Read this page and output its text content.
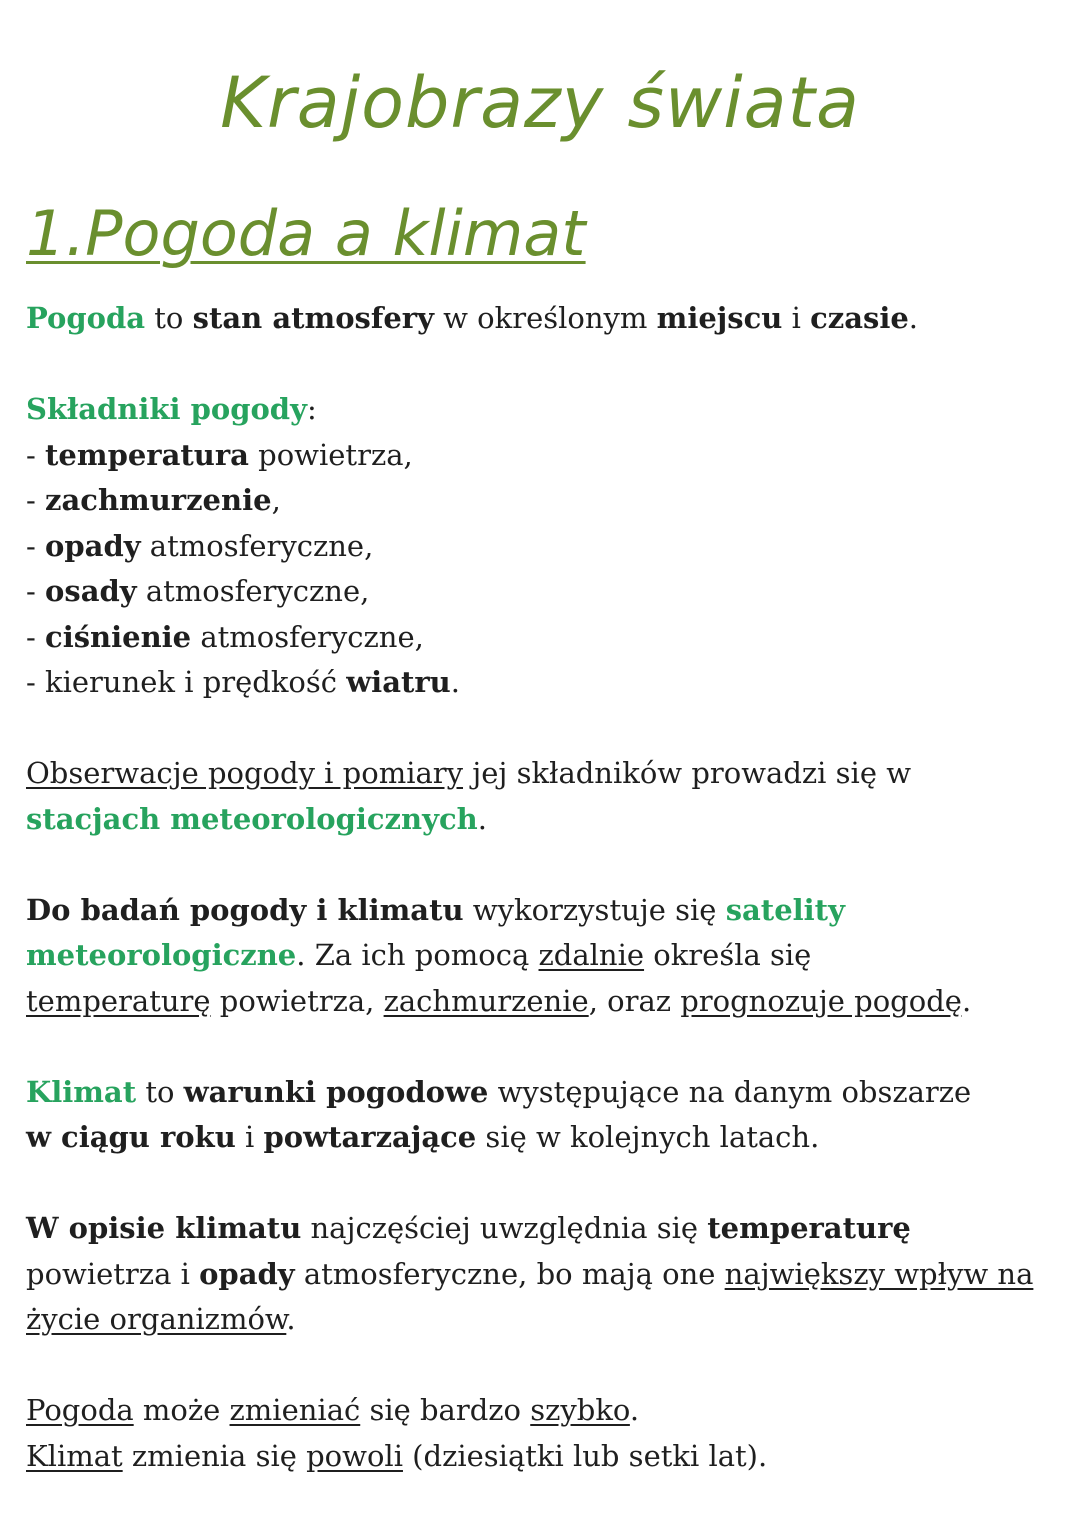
Krajobrazy świata
1.Pogoda a klimat

Pogoda to stan atmosfery w określonym miejscu i czasie.

Składniki pogody:

- temperatura powietrza,

- zachmurzenie,

- opady atmosferyczne,

- osady atmosferyczne,

- ciśnienie atmosferyczne,

- kierunek i prędkość wiatru.

Obserwacje pogody i pomiary jej składników prowadzi się w
stacjach meteorologicznych.

Do badań pogody i klimatu wykorzystuje się satelity meteorologiczne. Za ich pomocą zdalnie określa się
temperaturę powietrza, zachmurzenie, oraz prognozuje pogodę.

Klimat to warunki pogodowe występujące na danym obszarze
w ciągu roku i powtarzające się w kolejnych latach.

W opisie klimatu najczęściej uwzględnia się temperaturę
powietrza i opady atmosferyczne, bo mają one największy wpływ na życie organizmów.

Pogoda może zmieniać się bardzo szybko.

Klimat zmienia się powoli (dziesiątki lub setki lat).
